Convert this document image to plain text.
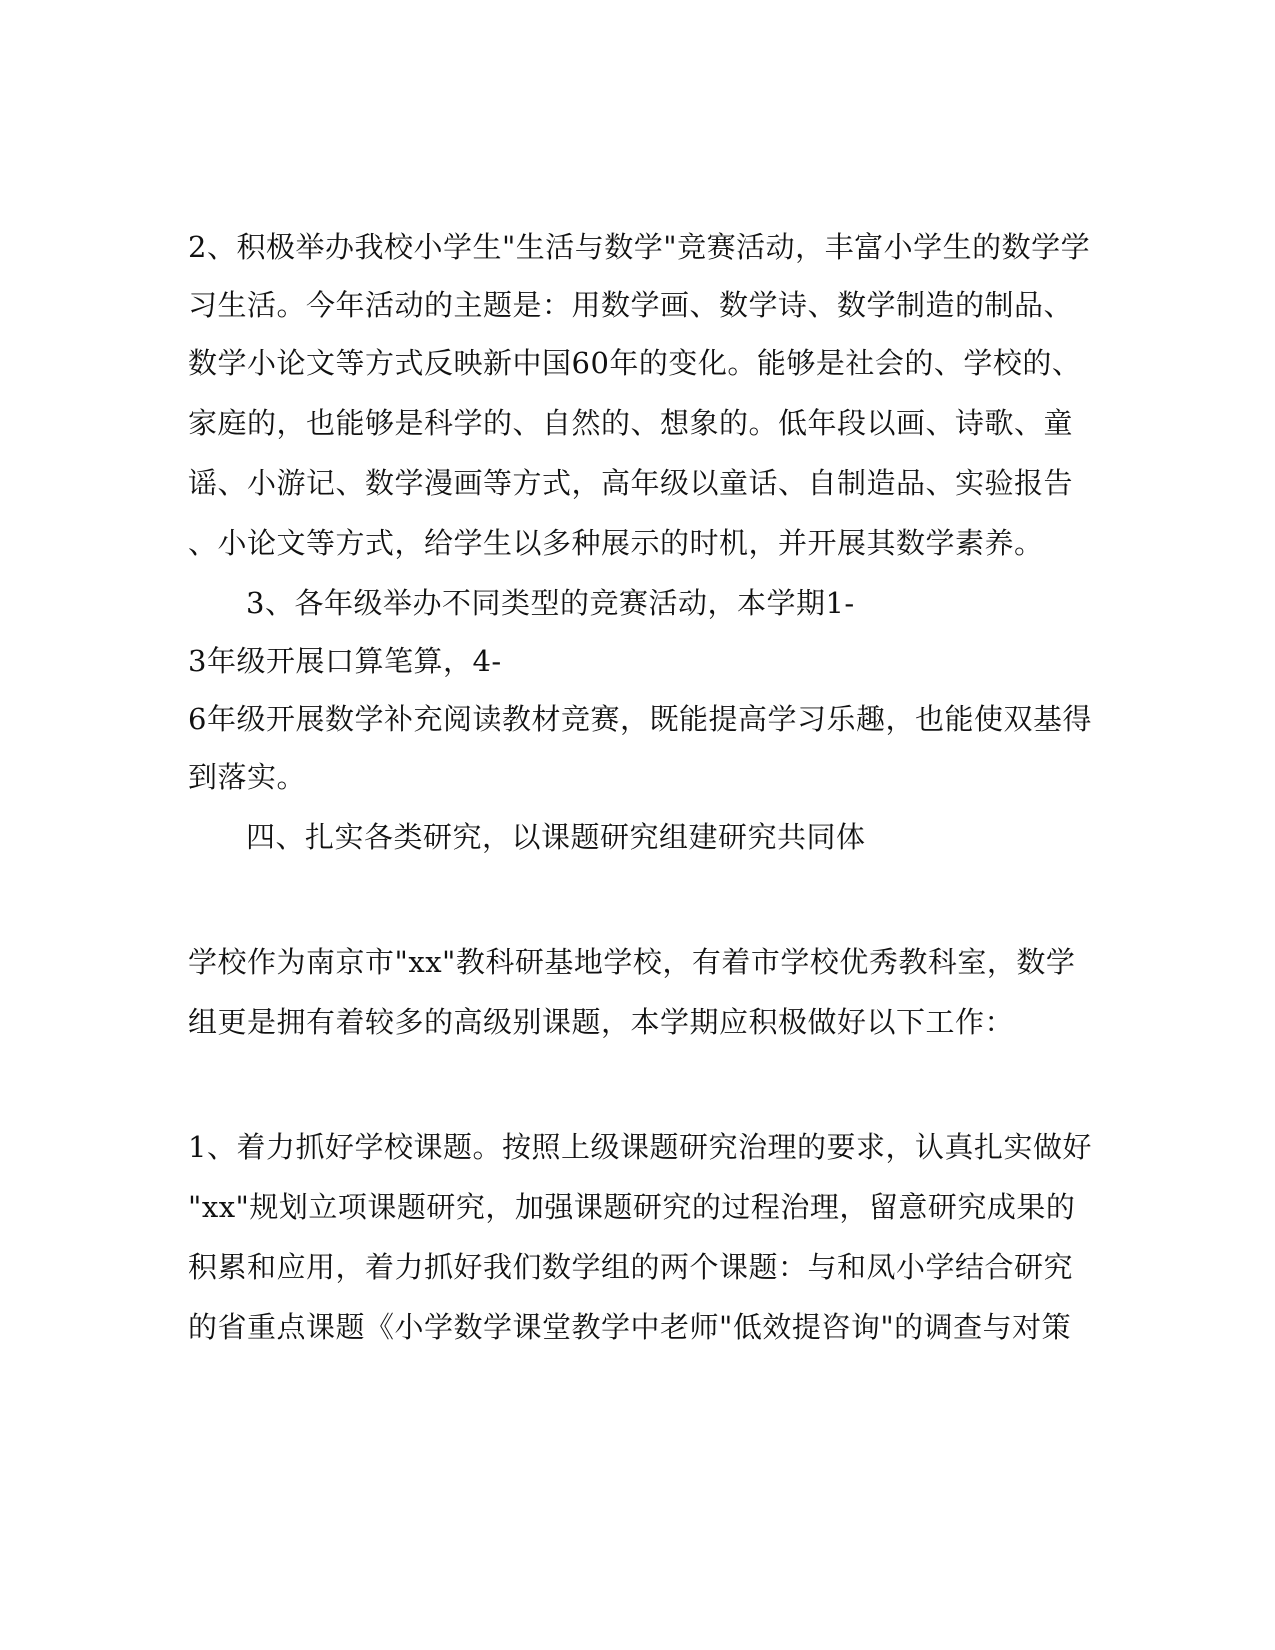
2、积极举办我校小学生"生活与数学"竞赛活动，丰富小学生的数学学
习生活。今年活动的主题是：用数学画、数学诗、数学制造的制品、
数学小论文等方式反映新中国60年的变化。能够是社会的、学校的、
家庭的，也能够是科学的、自然的、想象的。低年段以画、诗歌、童
谣、小游记、数学漫画等方式，高年级以童话、自制造品、实验报告
、小论文等方式，给学生以多种展示的时机，并开展其数学素养。
3、各年级举办不同类型的竞赛活动，本学期1-
3年级开展口算笔算，4-
6年级开展数学补充阅读教材竞赛，既能提高学习乐趣，也能使双基得
到落实。
四、扎实各类研究，以课题研究组建研究共同体
学校作为南京市"xx"教科研基地学校，有着市学校优秀教科室，数学
组更是拥有着较多的高级别课题，本学期应积极做好以下工作：
1、着力抓好学校课题。按照上级课题研究治理的要求，认真扎实做好
"xx"规划立项课题研究，加强课题研究的过程治理，留意研究成果的
积累和应用，着力抓好我们数学组的两个课题：与和凤小学结合研究
的省重点课题《小学数学课堂教学中老师"低效提咨询"的调查与对策
